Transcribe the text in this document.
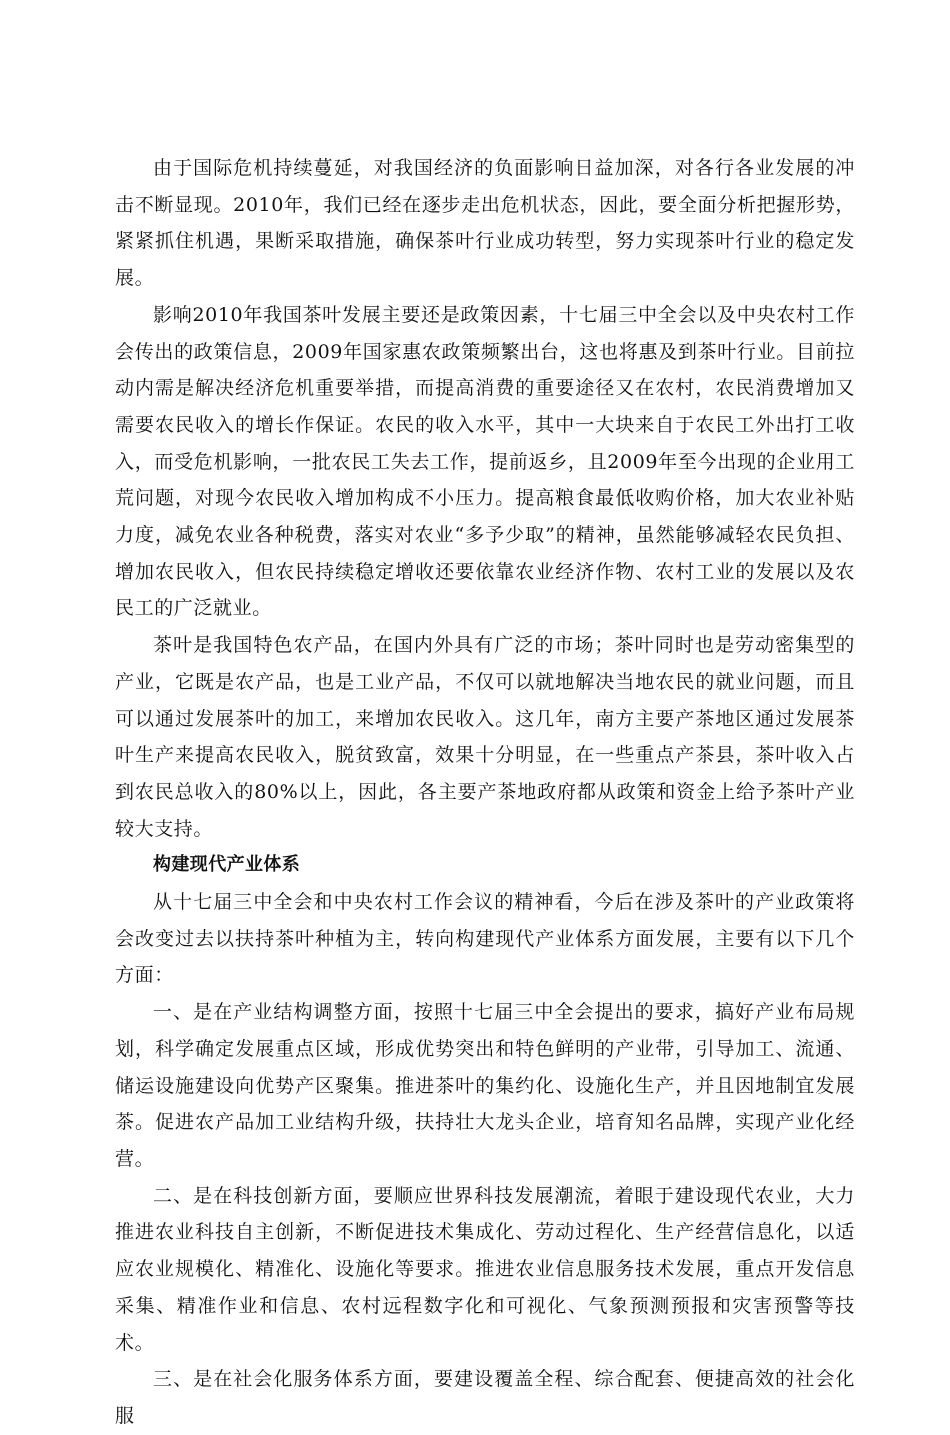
由于国际危机持续蔓延，对我国经济的负面影响日益加深，对各行各业发展的冲击不断显现。2010年，我们已经在逐步走出危机状态，因此，要全面分析把握形势，紧紧抓住机遇，果断采取措施，确保茶叶行业成功转型，努力实现茶叶行业的稳定发展。

影响2010年我国茶叶发展主要还是政策因素，十七届三中全会以及中央农村工作会传出的政策信息，2009年国家惠农政策频繁出台，这也将惠及到茶叶行业。目前拉动内需是解决经济危机重要举措，而提高消费的重要途径又在农村，农民消费增加又需要农民收入的增长作保证。农民的收入水平，其中一大块来自于农民工外出打工收入，而受危机影响，一批农民工失去工作，提前返乡，且2009年至今出现的企业用工荒问题，对现今农民收入增加构成不小压力。提高粮食最低收购价格，加大农业补贴力度，减免农业各种税费，落实对农业“多予少取”的精神，虽然能够减轻农民负担、增加农民收入，但农民持续稳定增收还要依靠农业经济作物、农村工业的发展以及农民工的广泛就业。

茶叶是我国特色农产品，在国内外具有广泛的市场；茶叶同时也是劳动密集型的产业，它既是农产品，也是工业产品，不仅可以就地解决当地农民的就业问题，而且可以通过发展茶叶的加工，来增加农民收入。这几年，南方主要产茶地区通过发展茶叶生产来提高农民收入，脱贫致富，效果十分明显，在一些重点产茶县，茶叶收入占到农民总收入的80%以上，因此，各主要产茶地政府都从政策和资金上给予茶叶产业较大支持。

构建现代产业体系

从十七届三中全会和中央农村工作会议的精神看，今后在涉及茶叶的产业政策将会改变过去以扶持茶叶种植为主，转向构建现代产业体系方面发展，主要有以下几个方面：

一、是在产业结构调整方面，按照十七届三中全会提出的要求，搞好产业布局规划，科学确定发展重点区域，形成优势突出和特色鲜明的产业带，引导加工、流通、储运设施建设向优势产区聚集。推进茶叶的集约化、设施化生产，并且因地制宜发展茶。促进农产品加工业结构升级，扶持壮大龙头企业，培育知名品牌，实现产业化经营。

二、是在科技创新方面，要顺应世界科技发展潮流，着眼于建设现代农业，大力推进农业科技自主创新，不断促进技术集成化、劳动过程化、生产经营信息化，以适应农业规模化、精准化、设施化等要求。推进农业信息服务技术发展，重点开发信息采集、精准作业和信息、农村远程数字化和可视化、气象预测预报和灾害预警等技术。

三、是在社会化服务体系方面，要建设覆盖全程、综合配套、便捷高效的社会化服
